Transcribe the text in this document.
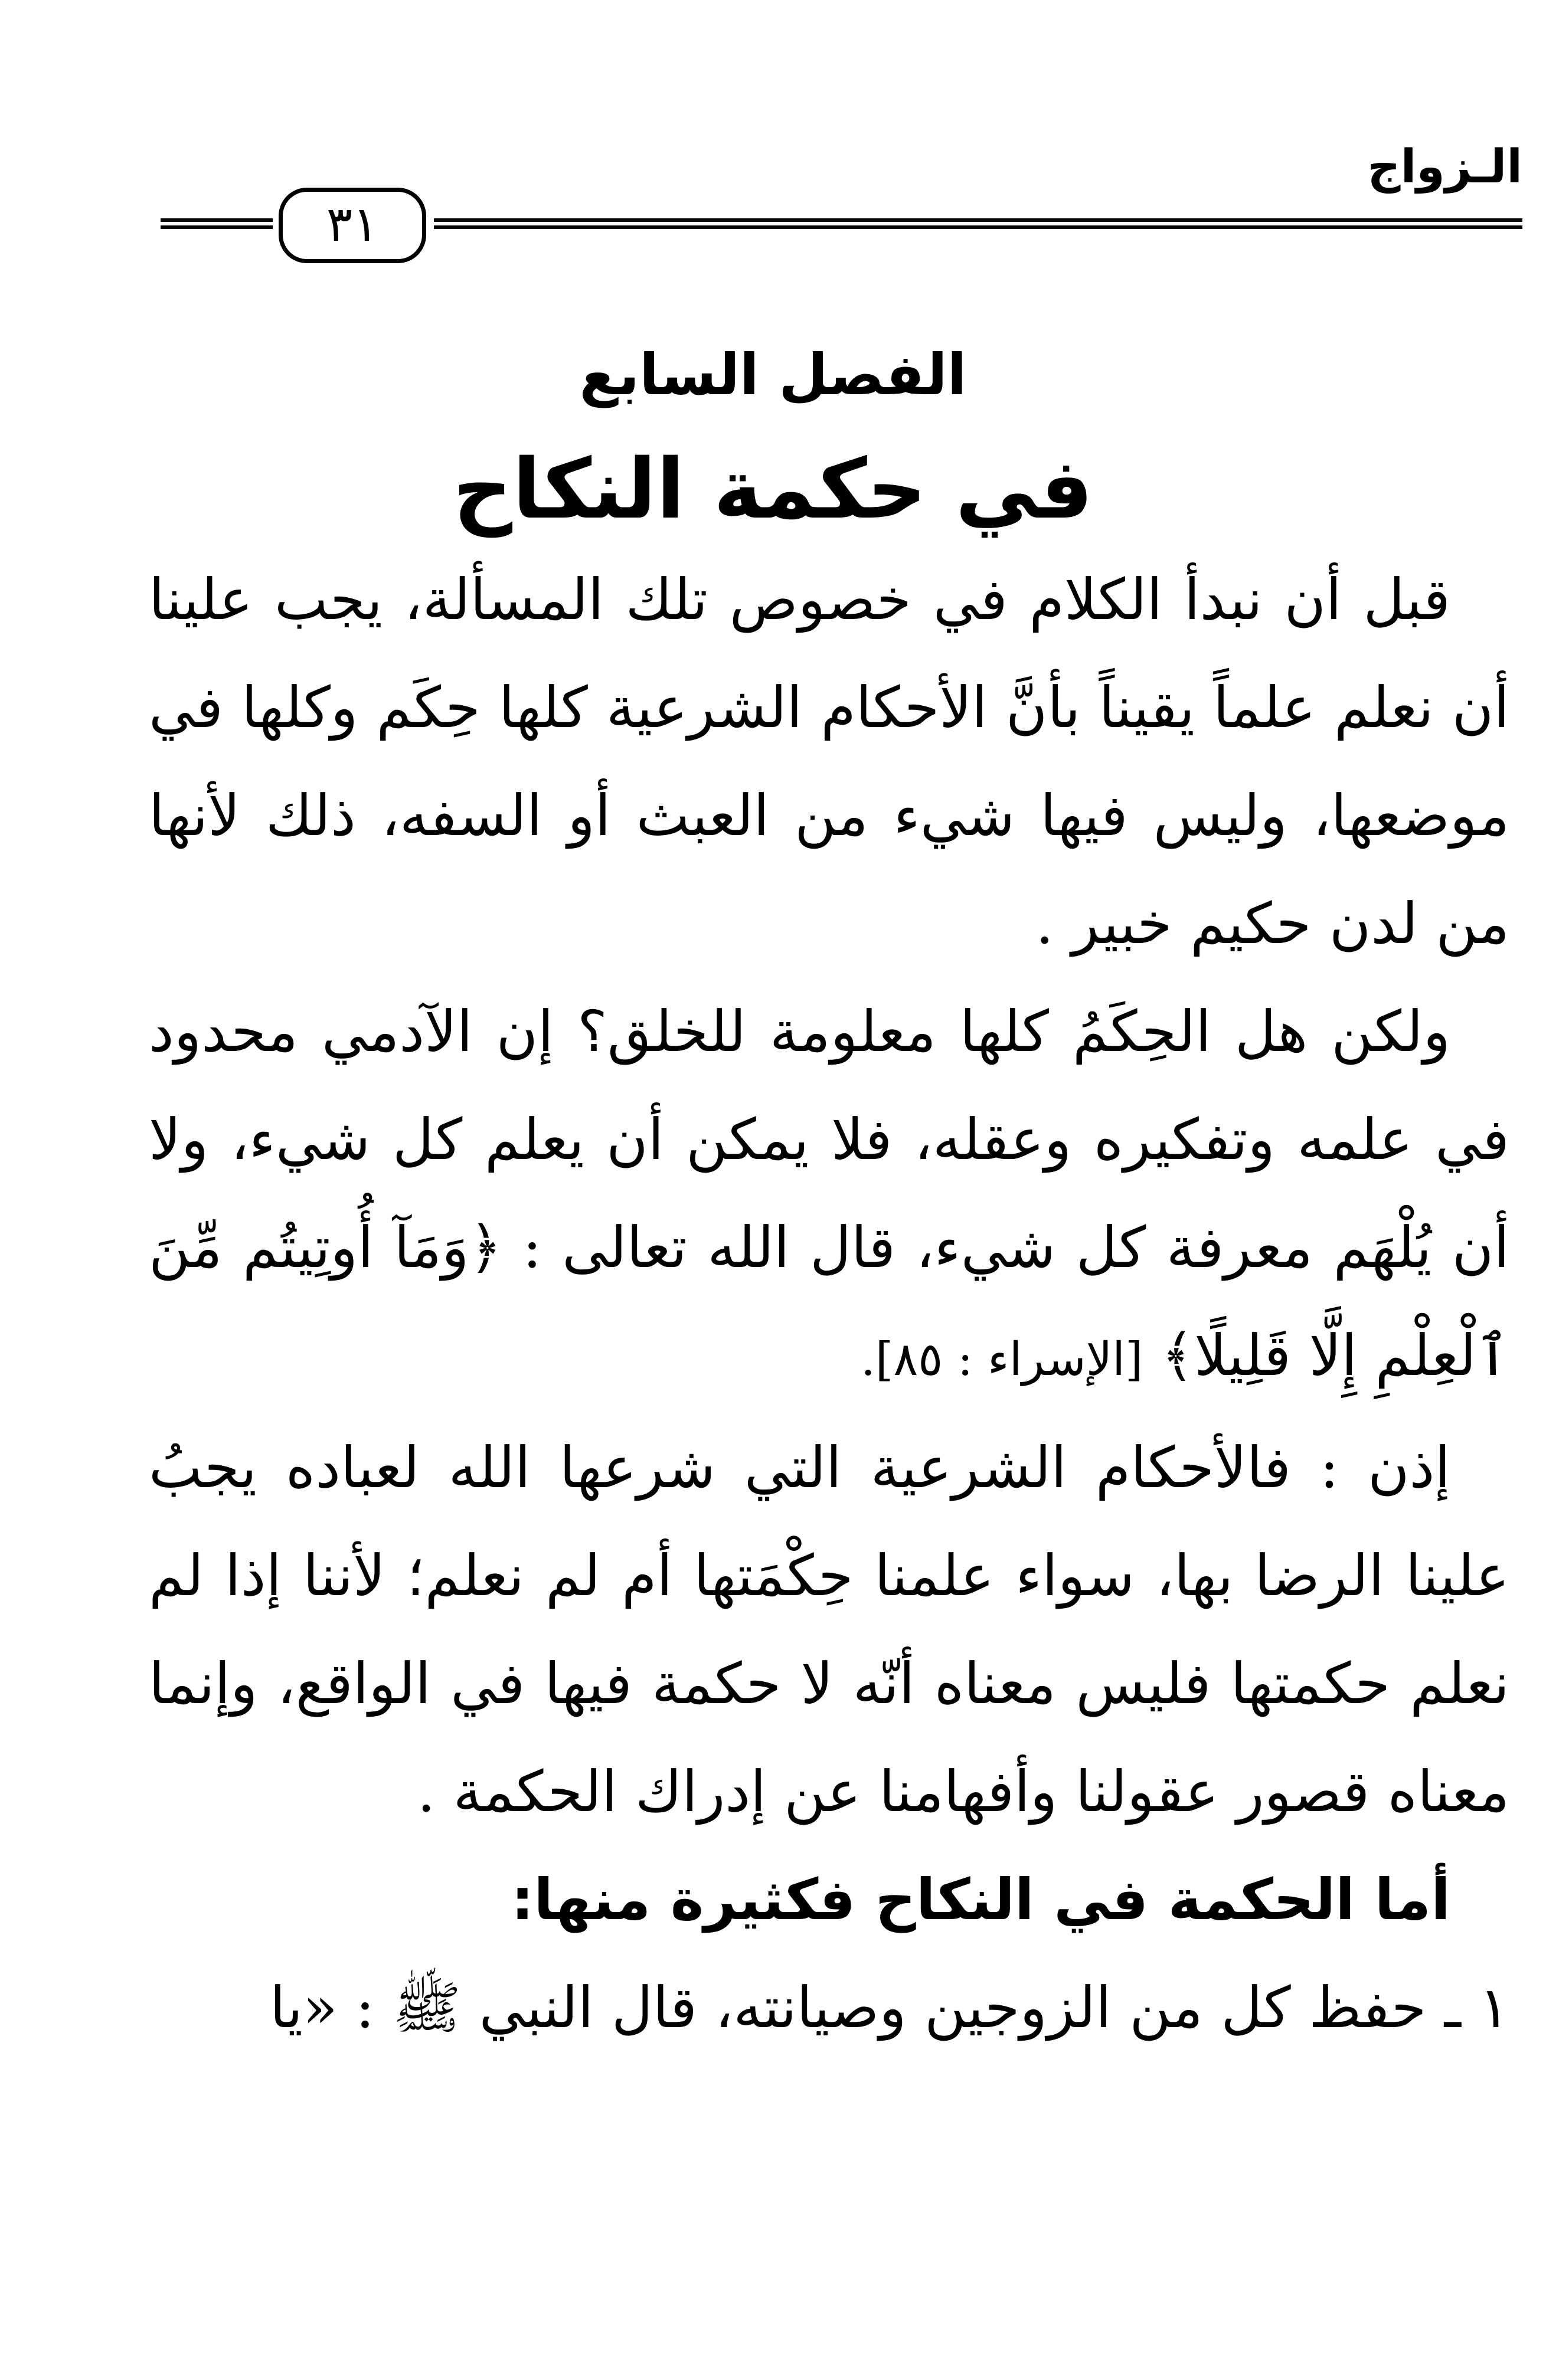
الـزواج
٣١
الفصل السابع
في حكمة النكاح

قبل أن نبدأ الكلام في خصوص تلك المسألة، يجب علينا أن نعلم علماً يقيناً بأنَّ الأحكام الشرعية كلها حِكَم وكلها في موضعها، وليس فيها شيء من العبث أو السفه، ذلك لأنها من لدن حكيم خبير .

ولكن هل الحِكَمُ كلها معلومة للخلق؟ إن الآدمي محدود في علمه وتفكيره وعقله، فلا يمكن أن يعلم كل شيء، ولا أن يُلْهَم معرفة كل شيء، قال الله تعالى : ﴿وَمَآ أُوتِيتُم مِّنَ ٱلْعِلْمِ إِلَّا قَلِيلًا﴾ [الإسراء : ٨٥].

إذن : فالأحكام الشرعية التي شرعها الله لعباده يجبُ علينا الرضا بها، سواء علمنا حِكْمَتها أم لم نعلم؛ لأننا إذا لم نعلم حكمتها فليس معناه أنّه لا حكمة فيها في الواقع، وإنما معناه قصور عقولنا وأفهامنا عن إدراك الحكمة .

أما الحكمة في النكاح فكثيرة منها:

١ ـ حفظ كل من الزوجين وصيانته، قال النبي ﷺ : «يا
